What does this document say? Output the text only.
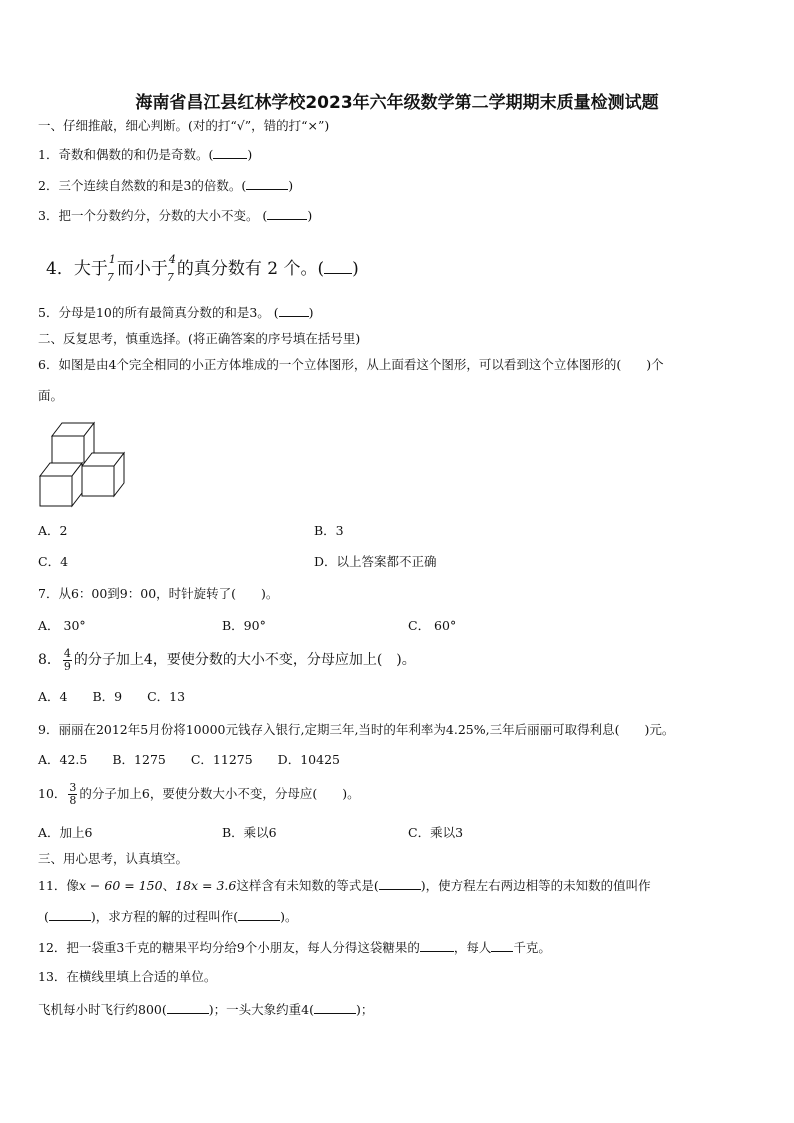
海南省昌江县红林学校2023年六年级数学第二学期期末质量检测试题
一、仔细推敲，细心判断。(对的打“√”，错的打“×”)
1．奇数和偶数的和仍是奇数。(	)
2．三个连续自然数的和是3的倍数。(	)
3．把一个分数约分，分数的大小不变。 (	)
4．大于 1
7 而小于 4
7 的真分数有 2 个。( )
5．分母是10的所有最简真分数的和是3。 ( )
二、反复思考，慎重选择。(将正确答案的序号填在括号里)
6．如图是由4个完全相同的小正方体堆成的一个立体图形，从上面看这个图形，可以看到这个立体图形的(　　)个
面。
A．2	B．3
C．4	D．以上答案都不正确
7．从6：00到9：00，时针旋转了(　　)。
A． 30°	B．90°	C． 60°
8． $\frac{4}{9}$ 的分子加上4，要使分数的大小不变，分母应加上(　)。
A．4　　B．9　　C．13
9．丽丽在2012年5月份将10000元钱存入银行,定期三年,当时的年利率为4.25%,三年后丽丽可取得利息(　　)元。
A．42.5　　B．1275　　C．11275　　D．10425
10． $\frac{3}{8}$ 的分子加上6，要使分数大小不变，分母应(　　)。
A．加上6	B．乘以6	C．乘以3
三、用心思考，认真填空。
11．像x − 60 = 150、18x = 3.6这样含有未知数的等式是(	)，使方程左右两边相等的未知数的值叫作
(	)，求方程的解的过程叫作(	)。
12．把一袋重3千克的糖果平均分给9个小朋友，每人分得这袋糖果的	，每人 千克。
13．在横线里填上合适的单位。
飞机每小时飞行约800(	)；一头大象约重4(	)；
